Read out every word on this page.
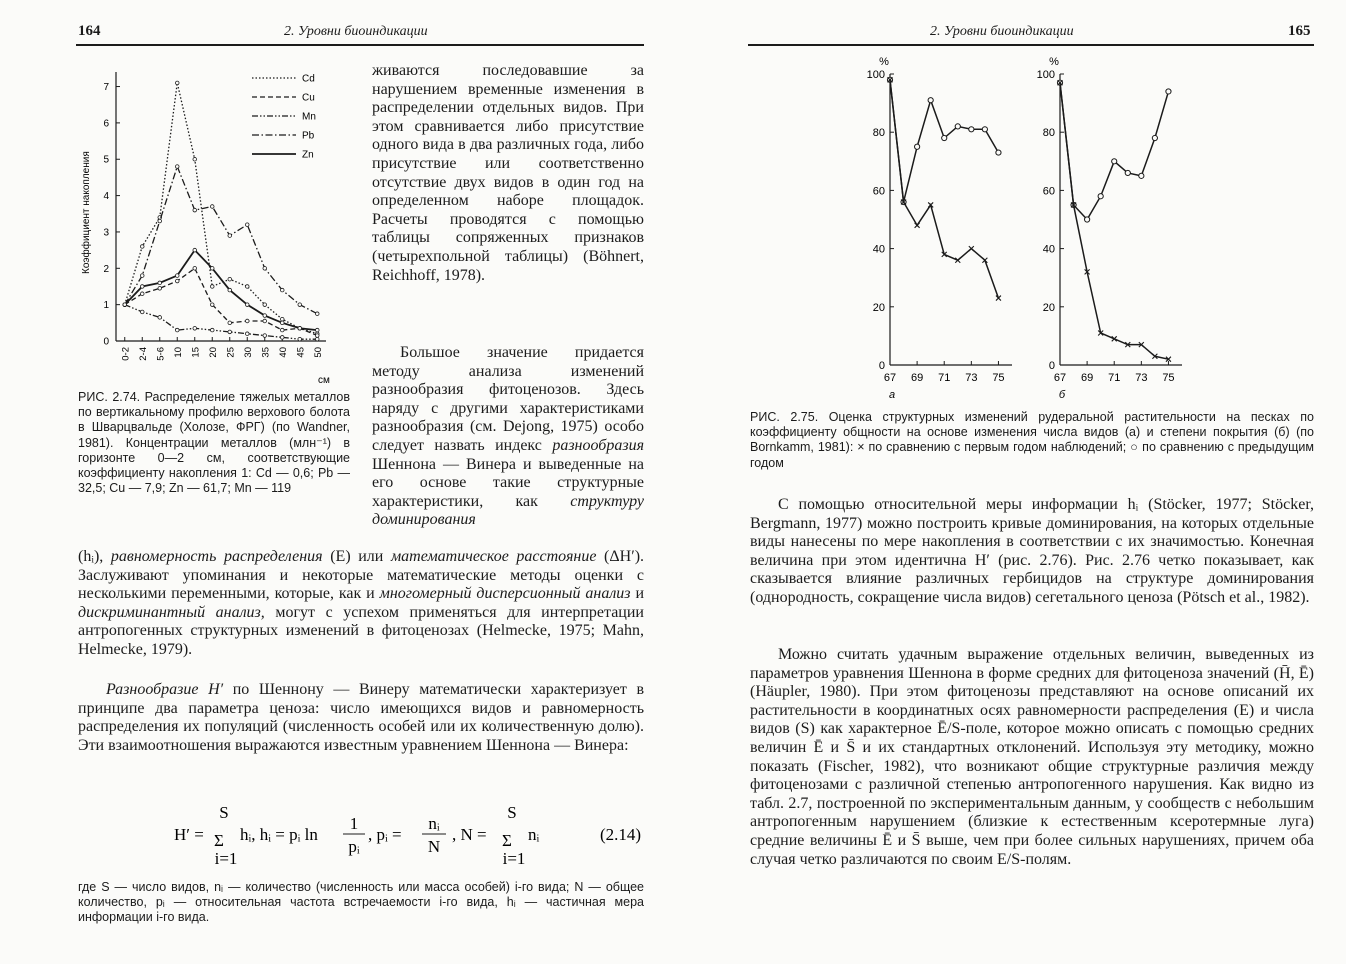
164	2. Уровни биоиндикации
0
1
2
3
4
5
6
7
0-2 2-4 5-6 10 15 20 25 30 35 40 45 50
Cd
Cu
Mn
Pb
Zn
Коэффициент накопления
см
РИС. 2.74. Распределение тяжелых металлов по вертикальному профилю верхового болота в Шварцвальде (Холозе, ФРГ) (по Wandner, 1981). Концентрации металлов (млн⁻¹) в горизонте 0—2 см, соответствующие коэффициенту накопления 1: Cd — 0,6; Pb — 32,5; Cu — 7,9; Zn — 61,7; Mn — 119
живаются последовавшие за нарушением временные изменения в распределении отдельных видов. При этом сравнивается либо присутствие одного вида в два различных года, либо присутствие или соответственно отсутствие двух видов в один год на определенном наборе площадок. Расчеты проводятся с помощью таблицы сопряженных признаков (четырехпольной таблицы) (Böhnert, Reichhoff, 1978).
Большое значение придается методу анализа изменений разнообразия фитоценозов. Здесь наряду с другими характеристиками разнообразия (см. Dejong, 1975) особо следует назвать индекс разнообразия Шеннона — Винера и выведенные на его основе такие структурные характеристики, как структуру доминирования
(hᵢ), равномерность распределения (E) или математическое расстояние (ΔH′). Заслуживают упоминания и некоторые математические методы оценки с несколькими переменными, которые, как и многомерный дисперсионный анализ и дискриминантный анализ, могут с успехом применяться для интерпретации антропогенных структурных изменений в фитоценозах (Helmecke, 1975; Mahn, Helmecke, 1979).
Разнообразие H′ по Шеннону — Винеру математически характеризует в принципе два параметра ценоза: число имеющихся видов и равномерность распределения их популяций (численность особей или их количественную долю). Эти взаимоотношения выражаются известным уравнением Шеннона — Винера:
H′ =
S
Σ
i=1
hᵢ, hᵢ = pᵢ ln
1
pᵢ
, pᵢ =
nᵢ
N
, N =
S
Σ
i=1
nᵢ	(2.14)
где S — число видов, nᵢ — количество (численность или масса особей) i-го вида; N — общее количество, pᵢ — относительная частота встречаемости i-го вида, hᵢ — частичная мера информации i-го вида.
2. Уровни биоиндикации	165
%
0
20
40
60
80
100
67 69 71 73 75
а
%
0
20
40
60
80
100
67 69 71 73 75
б
РИС. 2.75. Оценка структурных изменений рудеральной растительности на песках по коэффициенту общности на основе изменения числа видов (а) и степени покрытия (б) (по Bornkamm, 1981): × по сравнению с первым годом наблюдений; ○ по сравнению с предыдущим годом
С помощью относительной меры информации hᵢ (Stöcker, 1977; Stöcker, Bergmann, 1977) можно построить кривые доминирования, на которых отдельные виды нанесены по мере накопления в соответствии с их значимостью. Конечная величина при этом идентична H′ (рис. 2.76). Рис. 2.76 четко показывает, как сказывается влияние различных гербицидов на структуре доминирования (однородность, сокращение числа видов) сегетального ценоза (Pötsch et al., 1982).
Можно считать удачным выражение отдельных величин, выведенных из параметров уравнения Шеннона в форме средних для фитоценоза значений (H̄, Ē) (Häupler, 1980). При этом фитоценозы представляют на основе описаний их растительности в координатных осях равномерности распределения (E) и числа видов (S) как характерное Ē/S-поле, которое можно описать с помощью средних величин Ē и S̄ и их стандартных отклонений. Используя эту методику, можно показать (Fischer, 1982), что возникают общие структурные различия между фитоценозами с различной степенью антропогенного нарушения. Как видно из табл. 2.7, построенной по экспериментальным данным, у сообществ с небольшим антропогенным нарушением (близкие к естественным ксеротермные луга) средние величины Ē и S̄ выше, чем при более сильных нарушениях, причем оба случая четко различаются по своим E/S-полям.
